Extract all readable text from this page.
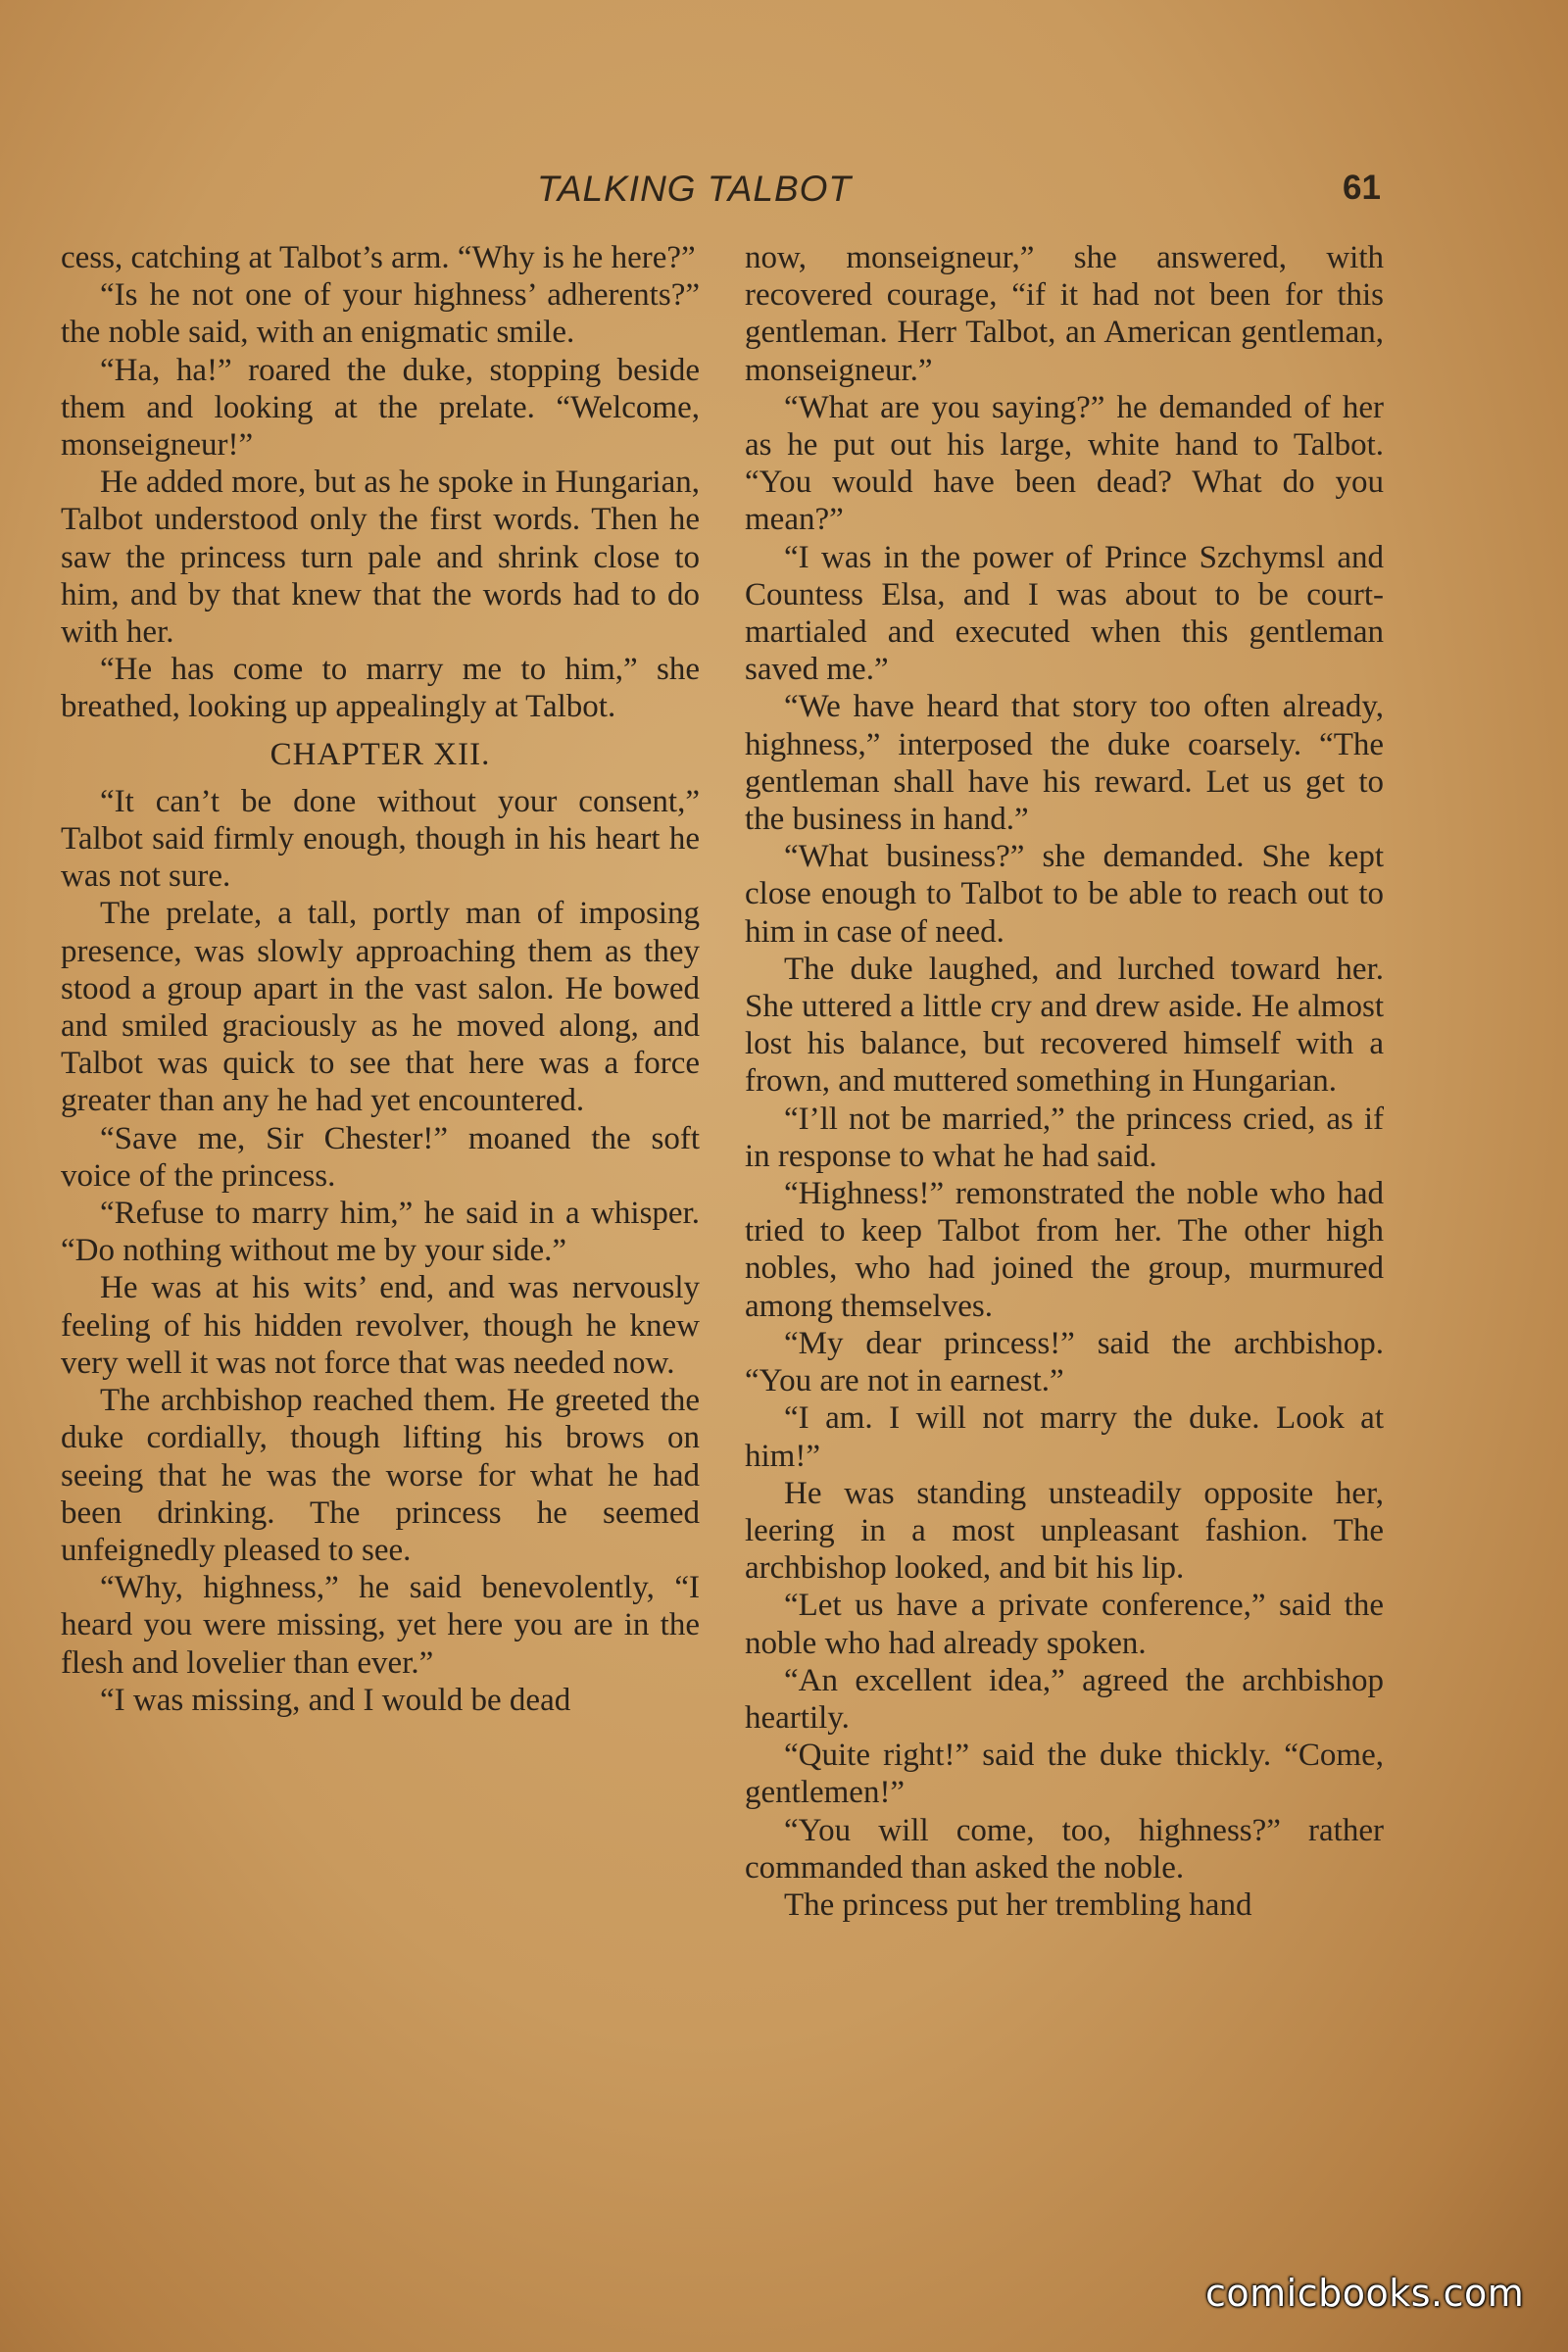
TALKING TALBOT	61

cess, catching at Talbot’s arm. “Why is he here?”

“Is he not one of your highness’ adherents?” the noble said, with an enigmatic smile.

“Ha, ha!” roared the duke, stopping beside them and looking at the prelate. “Welcome, monseigneur!”

He added more, but as he spoke in Hungarian, Talbot understood only the first words. Then he saw the princess turn pale and shrink close to him, and by that knew that the words had to do with her.

“He has come to marry me to him,” she breathed, looking up appealingly at Talbot.

CHAPTER XII.

“It can’t be done without your consent,” Talbot said firmly enough, though in his heart he was not sure.

The prelate, a tall, portly man of imposing presence, was slowly approaching them as they stood a group apart in the vast salon. He bowed and smiled graciously as he moved along, and Talbot was quick to see that here was a force greater than any he had yet encountered.

“Save me, Sir Chester!” moaned the soft voice of the princess.

“Refuse to marry him,” he said in a whisper. “Do nothing without me by your side.”

He was at his wits’ end, and was nervously feeling of his hidden revolver, though he knew very well it was not force that was needed now.

The archbishop reached them. He greeted the duke cordially, though lifting his brows on seeing that he was the worse for what he had been drinking. The princess he seemed unfeignedly pleased to see.

“Why, highness,” he said benevolently, “I heard you were missing, yet here you are in the flesh and lovelier than ever.”

“I was missing, and I would be dead

now, monseigneur,” she answered, with recovered courage, “if it had not been for this gentleman. Herr Talbot, an American gentleman, monseigneur.”

“What are you saying?” he demanded of her as he put out his large, white hand to Talbot. “You would have been dead? What do you mean?”

“I was in the power of Prince Szchymsl and Countess Elsa, and I was about to be court-martialed and executed when this gentleman saved me.”

“We have heard that story too often already, highness,” interposed the duke coarsely. “The gentleman shall have his reward. Let us get to the business in hand.”

“What business?” she demanded. She kept close enough to Talbot to be able to reach out to him in case of need.

The duke laughed, and lurched toward her. She uttered a little cry and drew aside. He almost lost his balance, but recovered himself with a frown, and muttered something in Hungarian.

“I’ll not be married,” the princess cried, as if in response to what he had said.

“Highness!” remonstrated the noble who had tried to keep Talbot from her. The other high nobles, who had joined the group, murmured among themselves.

“My dear princess!” said the archbishop. “You are not in earnest.”

“I am. I will not marry the duke. Look at him!”

He was standing unsteadily opposite her, leering in a most unpleasant fashion. The archbishop looked, and bit his lip.

“Let us have a private conference,” said the noble who had already spoken.

“An excellent idea,” agreed the archbishop heartily.

“Quite right!” said the duke thickly. “Come, gentlemen!”

“You will come, too, highness?” rather commanded than asked the noble.

The princess put her trembling hand

comicbooks.com
